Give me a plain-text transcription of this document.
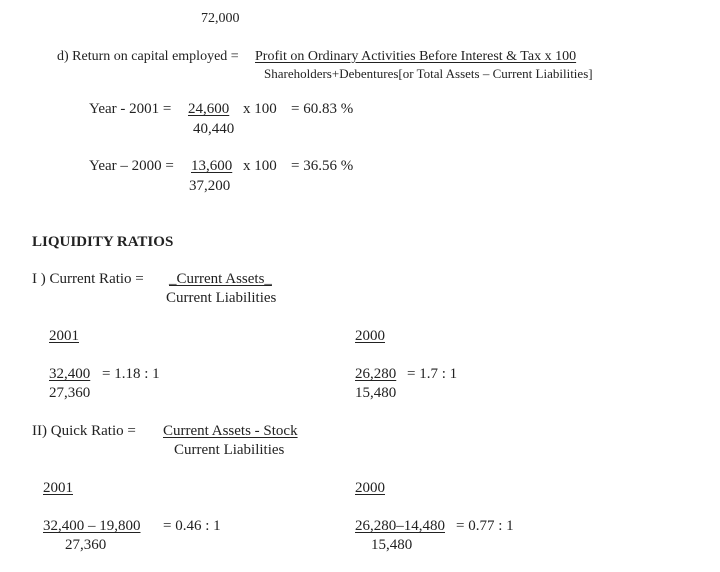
72,000
d) Return on capital employed = Profit on Ordinary Activities Before Interest & Tax x 100
Shareholders+Debentures[or Total Assets – Current Liabilities]
Year - 2001 = 24,600 x 100 = 60.83 %
40,440
Year – 2000 = 13,600 x 100 = 36.56 %
37,200
LIQUIDITY RATIOS
I ) Current Ratio = _Current Assets_
Current Liabilities
2001
32,400 = 1.18 : 1
27,360
2000
26,280 = 1.7 : 1
15,480
II) Quick Ratio = Current Assets - Stock
Current Liabilities
2001
32,400 – 19,800 = 0.46 : 1
27,360
2000
26,280–14,480 = 0.77 : 1
15,480
